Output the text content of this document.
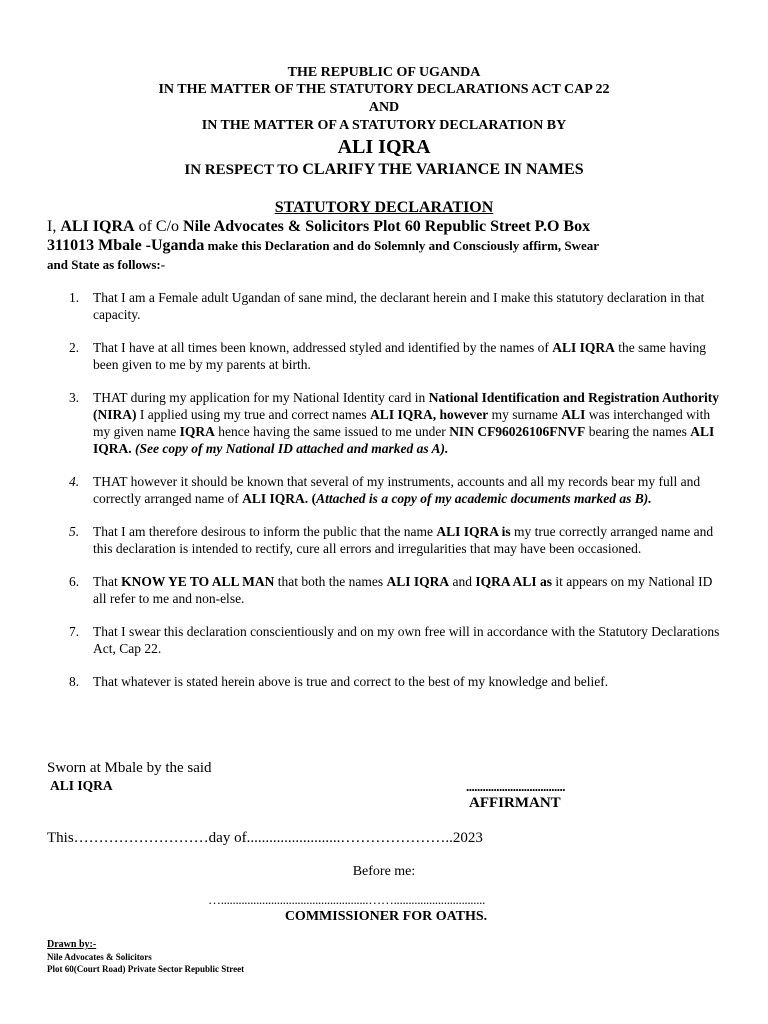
THE REPUBLIC OF UGANDA
IN THE MATTER OF THE STATUTORY DECLARATIONS ACT CAP 22
AND
IN THE MATTER OF A STATUTORY DECLARATION BY
ALI IQRA
IN RESPECT TO CLARIFY THE VARIANCE IN NAMES
STATUTORY DECLARATION
I, ALI IQRA of C/o Nile Advocates & Solicitors Plot 60 Republic Street P.O Box
311013 Mbale -Uganda make this Declaration and do Solemnly and Consciously affirm, Swear
and State as follows:-
1. That I am a Female adult Ugandan of sane mind, the declarant herein and I make this statutory declaration in that capacity.
2. That I have at all times been known, addressed styled and identified by the names of ALI IQRA the same having been given to me by my parents at birth.
3. THAT during my application for my National Identity card in National Identification and Registration Authority (NIRA) I applied using my true and correct names ALI IQRA, however my surname ALI was interchanged with my given name IQRA hence having the same issued to me under NIN CF96026106FNVF bearing the names ALI IQRA. (See copy of my National ID attached and marked as A).
4. THAT however it should be known that several of my instruments, accounts and all my records bear my full and correctly arranged name of ALI IQRA. (Attached is a copy of my academic documents marked as B).
5. That I am therefore desirous to inform the public that the name ALI IQRA is my true correctly arranged name and this declaration is intended to rectify, cure all errors and irregularities that may have been occasioned.
6. That KNOW YE TO ALL MAN that both the names ALI IQRA and IQRA ALI as it appears on my National ID all refer to me and non-else.
7. That I swear this declaration conscientiously and on my own free will in accordance with the Statutory Declarations Act, Cap 22.
8. That whatever is stated herein above is true and correct to the best of my knowledge and belief.
Sworn at Mbale by the said
ALI IQRA	....................................
AFFIRMANT
This………………………day of.........................…………………..2023
Before me:
…..................................................……...............................
COMMISSIONER FOR OATHS.
Drawn by:-
Nile Advocates & Solicitors
Plot 60(Court Road) Private Sector Republic Street
